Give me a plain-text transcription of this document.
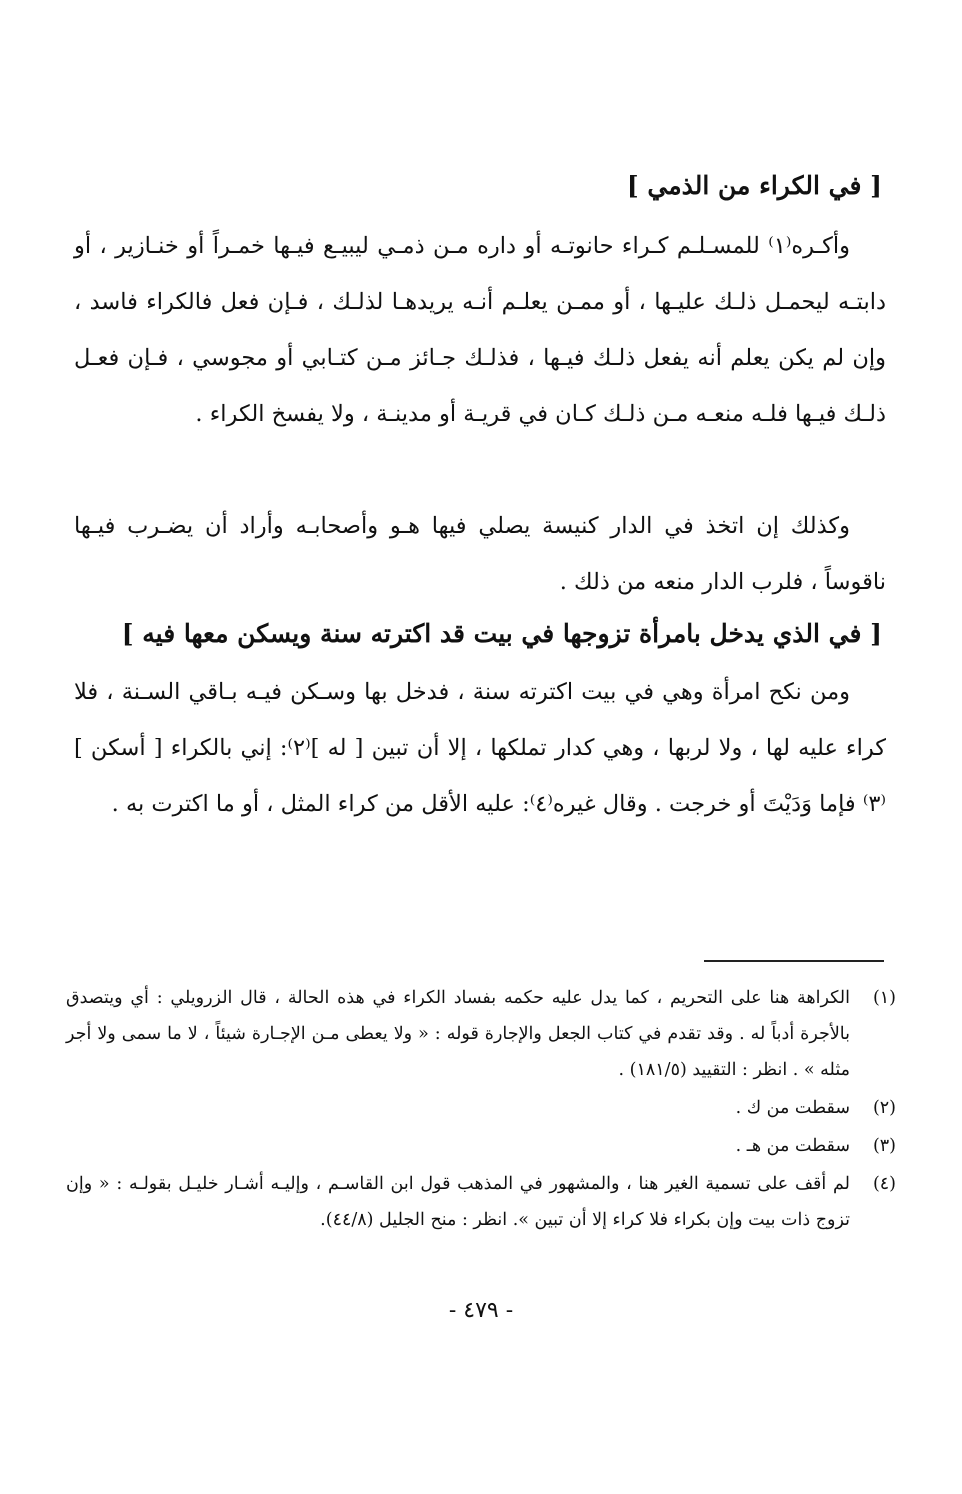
[ في الكراء من الذمي ]
وأكـره⁽١⁾ للمسـلـم كـراء حانوتـه أو داره مـن ذمـي ليبيـع فيـها خمـراً أو خنـازير ، أو دابتـه ليحمـل ذلـك عليـها ، أو ممـن يعلـم أنـه يريدهـا لذلـك ، فـإن فعل فالكراء فاسد ، وإن لم يكن يعلم أنه يفعل ذلـك فيـها ، فذلـك جـائز مـن كتـابي أو مجوسي ، فـإن فعـل ذلـك فيـها فلـه منعـه مـن ذلـك كـان في قريـة أو مدينـة ، ولا يفسخ الكراء .
وكذلك إن اتخذ في الدار كنيسة يصلي فيها هـو وأصحابـه وأراد أن يضـرب فيـها ناقوساً ، فلرب الدار منعه من ذلك .
[ في الذي يدخل بامرأة تزوجها في بيت قد اكترته سنة ويسكن معها فيه ]
ومن نكح امرأة وهي في بيت اكترته سنة ، فدخل بها وسـكن فيـه بـاقي السـنة ، فلا كراء عليه لها ، ولا لربها ، وهي كدار تملكها ، إلا أن تبين [ له ]⁽٢⁾: إني بالكراء [ أسكن ]⁽٣⁾ فإما وَدَيْتَ أو خرجت . وقال غيره⁽٤⁾: عليه الأقل من كراء المثل ، أو ما اكترت به .
(١)
الكراهة هنا على التحريم ، كما يدل عليه حكمه بفساد الكراء في هذه الحالة ، قال الزرويلي : أي ويتصدق بالأجرة أدباً له . وقد تقدم في كتاب الجعل والإجارة قوله : « ولا يعطى مـن الإجـارة شيئاً ، لا ما سمى ولا أجر مثله » . انظر : التقييد (١٨١/٥) .
(٢)
سقطت من ك .
(٣)
سقطت من هـ .
(٤)
لم أقف على تسمية الغير هنا ، والمشهور في المذهب قول ابن القاسـم ، وإليـه أشـار خليـل بقولـه : « وإن تزوج ذات بيت وإن بكراء فلا كراء إلا أن تبين ». انظر : منح الجليل (٤٤/٨).
- ٤٧٩ -
